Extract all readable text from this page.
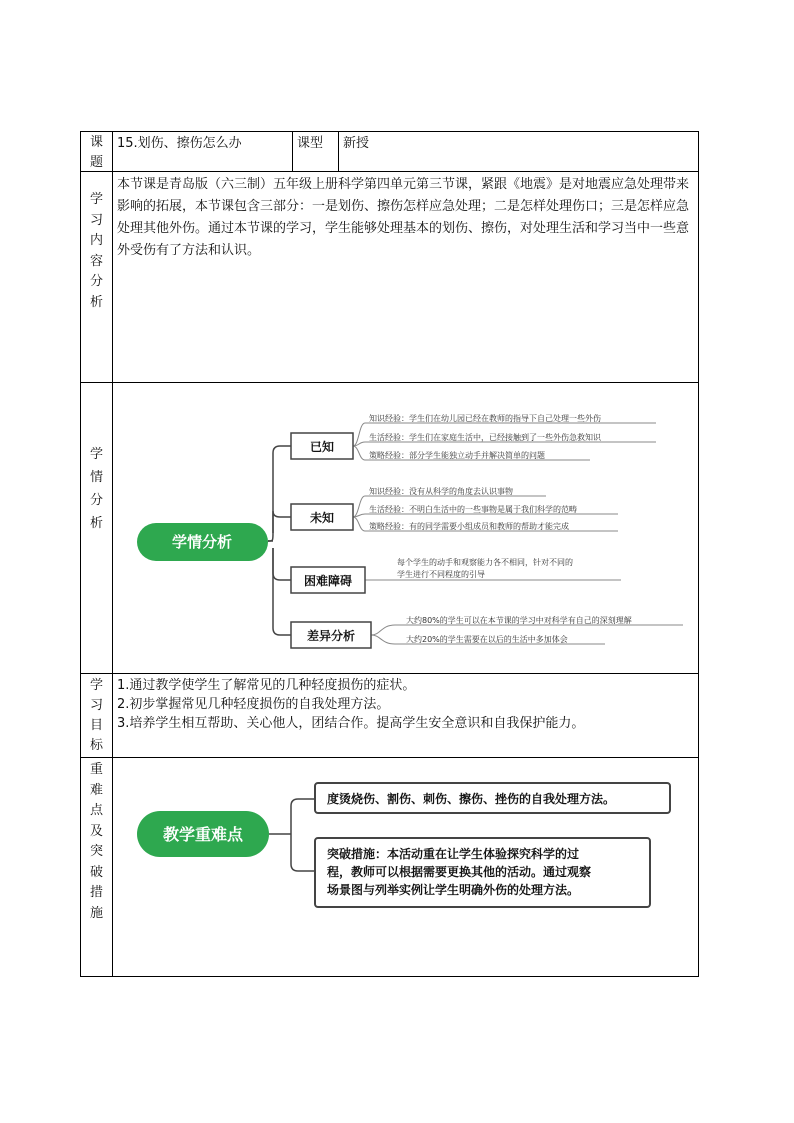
课
题
15.划伤、擦伤怎么办	课型	新授
学
习
内
容
分
析
本节课是青岛版（六三制）五年级上册科学第四单元第三节课，紧跟《地震》是对地震应急处理带来影响的拓展，本节课包含三部分：一是划伤、擦伤怎样应急处理；二是怎样处理伤口；三是怎样应急处理其他外伤。通过本节课的学习，学生能够处理基本的划伤、擦伤，对处理生活和学习当中一些意外受伤有了方法和认识。
学
情
分
析
学情分析
已知
未知
困难障碍
差异分析
知识经验：学生们在幼儿园已经在教师的指导下自己处理一些外伤
生活经验：学生们在家庭生活中，已经接触到了一些外伤急救知识
策略经验：部分学生能独立动手并解决简单的问题
知识经验：没有从科学的角度去认识事物
生活经验：不明白生活中的一些事物是属于我们科学的范畴
策略经验：有的同学需要小组成员和教师的帮助才能完成
每个学生的动手和观察能力各不相同，针对不同的
学生进行不同程度的引导
大约80%的学生可以在本节课的学习中对科学有自己的深刻理解
大约20%的学生需要在以后的生活中多加体会
学
习
目
标
1.通过教学使学生了解常见的几种轻度损伤的症状。
2.初步掌握常见几种轻度损伤的自我处理方法。
3.培养学生相互帮助、关心他人，团结合作。提高学生安全意识和自我保护能力。
重
难
点
及
突
破
措
施
教学重难点
度烫烧伤、割伤、刺伤、擦伤、挫伤的自我处理方法。
突破措施：本活动重在让学生体验探究科学的过
程，教师可以根据需要更换其他的活动。通过观察
场景图与列举实例让学生明确外伤的处理方法。
